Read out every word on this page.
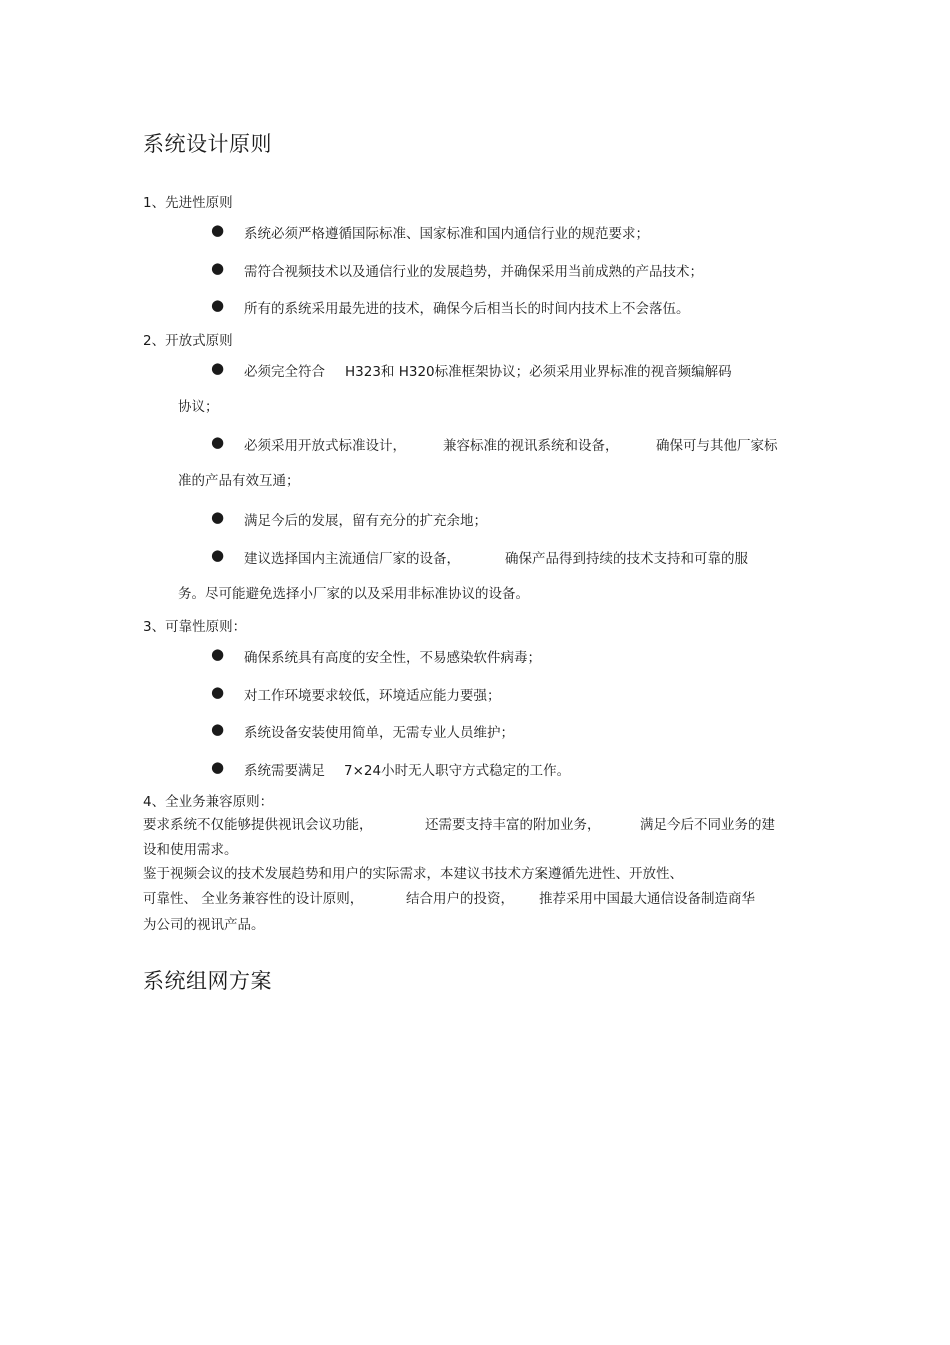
系统设计原则
1、先进性原则
● 系统必须严格遵循国际标准、国家标准和国内通信行业的规范要求；
● 需符合视频技术以及通信行业的发展趋势，并确保采用当前成熟的产品技术；
● 所有的系统采用最先进的技术，确保今后相当长的时间内技术上不会落伍。
2、开放式原则
● 必须完全符合 H323和 H320标准框架协议；必须采用业界标准的视音频编解码
协议；
● 必须采用开放式标准设计，	兼容标准的视讯系统和设备，	确保可与其他厂家标
准的产品有效互通；
● 满足今后的发展，留有充分的扩充余地；
● 建议选择国内主流通信厂家的设备，	确保产品得到持续的技术支持和可靠的服
务。尽可能避免选择小厂家的以及采用非标准协议的设备。
3、可靠性原则：
● 确保系统具有高度的安全性，不易感染软件病毒；
● 对工作环境要求较低，环境适应能力要强；
● 系统设备安装使用简单，无需专业人员维护；
● 系统需要满足 7×24小时无人职守方式稳定的工作。
4、全业务兼容原则：
要求系统不仅能够提供视讯会议功能，	还需要支持丰富的附加业务，	满足今后不同业务的建
设和使用需求。
鉴于视频会议的技术发展趋势和用户的实际需求，本建议书技术方案遵循先进性、开放性、
可靠性、 全业务兼容性的设计原则，	结合用户的投资， 推荐采用中国最大通信设备制造商华
为公司的视讯产品。
系统组网方案
